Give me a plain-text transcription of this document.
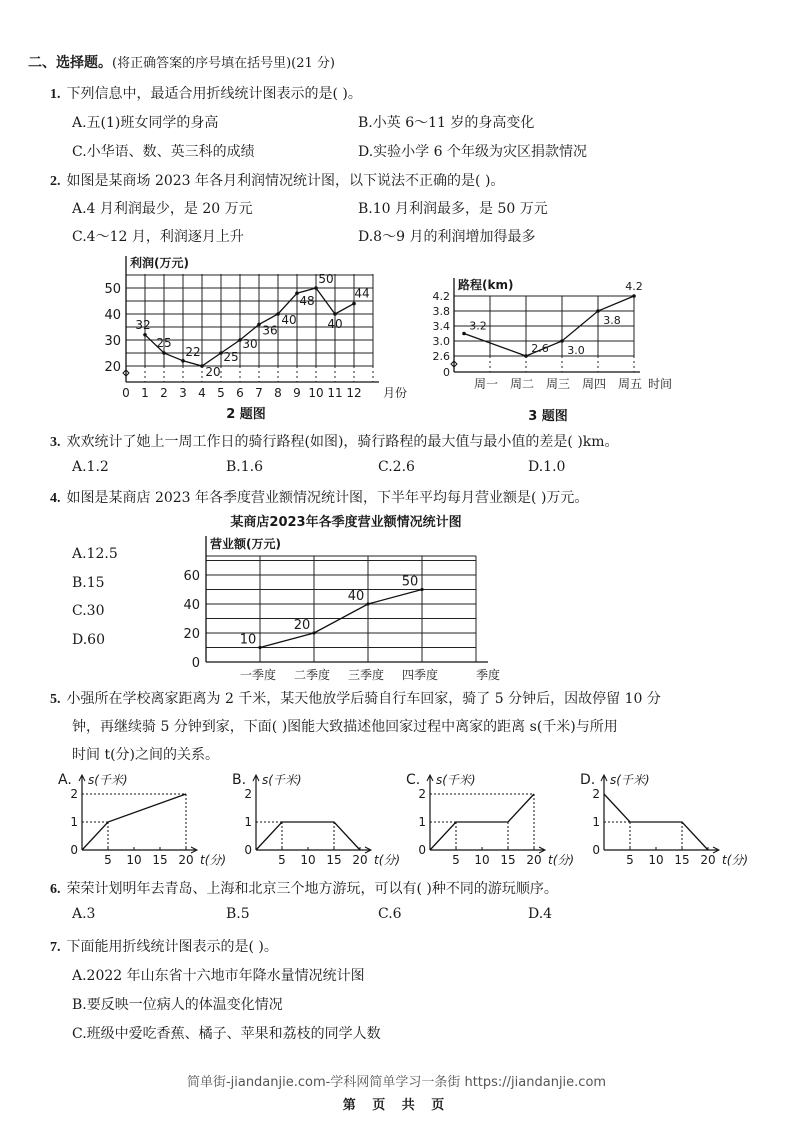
二、选择题。(将正确答案的序号填在括号里)(21 分)
1. 下列信息中，最适合用折线统计图表示的是( )。
A.五(1)班女同学的身高	B.小英 6～11 岁的身高变化
C.小华语、数、英三科的成绩	D.实验小学 6 个年级为灾区捐款情况
2. 如图是某商场 2023 年各月利润情况统计图，以下说法不正确的是( )。
A.4 月利润最少，是 20 万元	B.10 月利润最多，是 50 万元
C.4～12 月，利润逐月上升	D.8～9 月的利润增加得最多
利润(万元)
20
30
40
50
0 1 2 3 4 5 6 7 8 9 10 11 12 月份
32
25
22
20
25
30
36
40
48
50
40
44
2 题图
路程(km)
0
2.6
3.0
3.4
3.8
4.2
周一 周二 周三 周四 周五 时间
3.2
2.6 3.0
3.8
4.2
3 题图
3. 欢欢统计了她上一周工作日的骑行路程(如图)，骑行路程的最大值与最小值的差是( )km。
A.1.2	B.1.6	C.2.6	D.1.0
4. 如图是某商店 2023 年各季度营业额情况统计图，下半年平均每月营业额是( )万元。
A.12.5
B.15
C.30
D.60
某商店2023年各季度营业额情况统计图
营业额(万元)
0
20
40
60
一季度 二季度 三季度 四季度	季度
10
20
40
50
5. 小强所在学校离家距离为 2 千米，某天他放学后骑自行车回家，骑了 5 分钟后，因故停留 10 分
钟，再继续骑 5 分钟到家，下面( )图能大致描述他回家过程中离家的距离 s(千米)与所用
时间 t(分)之间的关系。
A. s(千米)
t(分)
0
1
2
5 10 15 20
B. s(千米)
t(分)
0
1
2
5 10 15 20
C. s(千米)
t(分)
0
1
2
5 10 15 20
D. s(千米)
t(分)
0
1
2
5 10 15 20
6. 荣荣计划明年去青岛、上海和北京三个地方游玩，可以有( )种不同的游玩顺序。
A.3	B.5	C.6	D.4
7. 下面能用折线统计图表示的是( )。
A.2022 年山东省十六地市年降水量情况统计图
B.要反映一位病人的体温变化情况
C.班级中爱吃香蕉、橘子、苹果和荔枝的同学人数
简单街-jiandanjie.com-学科网简单学习一条街 https://jiandanjie.com
第 页 共 页
